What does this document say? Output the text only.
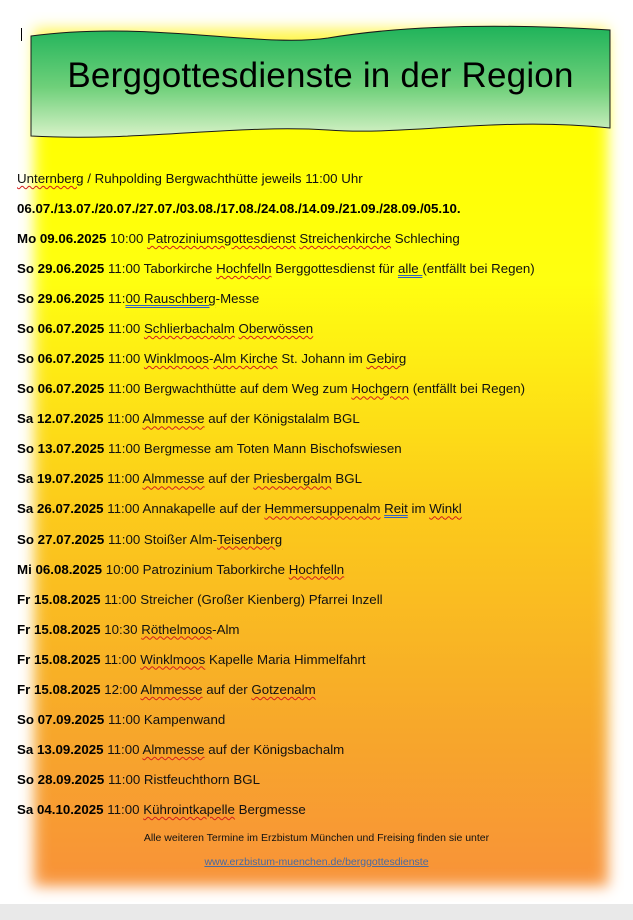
Berggottesdienste in der Region
Unternberg / Ruhpolding Bergwachthütte jeweils 11:00 Uhr
06.07./13.07./20.07./27.07./03.08./17.08./24.08./14.09./21.09./28.09./05.10.
Mo 09.06.2025 10:00 Patroziniumsgottesdienst Streichenkirche Schleching
So 29.06.2025 11:00 Taborkirche Hochfelln Berggottesdienst für alle (entfällt bei Regen)
So 29.06.2025 11:00 Rauschberg-Messe
So 06.07.2025 11:00 Schlierbachalm Oberwössen
So 06.07.2025 11:00 Winklmoos-Alm Kirche St. Johann im Gebirg
So 06.07.2025 11:00 Bergwachthütte auf dem Weg zum Hochgern (entfällt bei Regen)
Sa 12.07.2025 11:00 Almmesse auf der Königstalalm BGL
So 13.07.2025 11:00 Bergmesse am Toten Mann Bischofswiesen
Sa 19.07.2025 11:00 Almmesse auf der Priesbergalm BGL
Sa 26.07.2025 11:00 Annakapelle auf der Hemmersuppenalm Reit im Winkl
So 27.07.2025 11:00 Stoißer Alm-Teisenberg
Mi 06.08.2025 10:00 Patrozinium Taborkirche Hochfelln
Fr 15.08.2025 11:00 Streicher (Großer Kienberg) Pfarrei Inzell
Fr 15.08.2025 10:30 Röthelmoos-Alm
Fr 15.08.2025 11:00 Winklmoos Kapelle Maria Himmelfahrt
Fr 15.08.2025 12:00 Almmesse auf der Gotzenalm
So 07.09.2025 11:00 Kampenwand
Sa 13.09.2025 11:00 Almmesse auf der Königsbachalm
So 28.09.2025 11:00 Ristfeuchthorn BGL
Sa 04.10.2025 11:00 Kührointkapelle Bergmesse
Alle weiteren Termine im Erzbistum München und Freising finden sie unter
www.erzbistum-muenchen.de/berggottesdienste
